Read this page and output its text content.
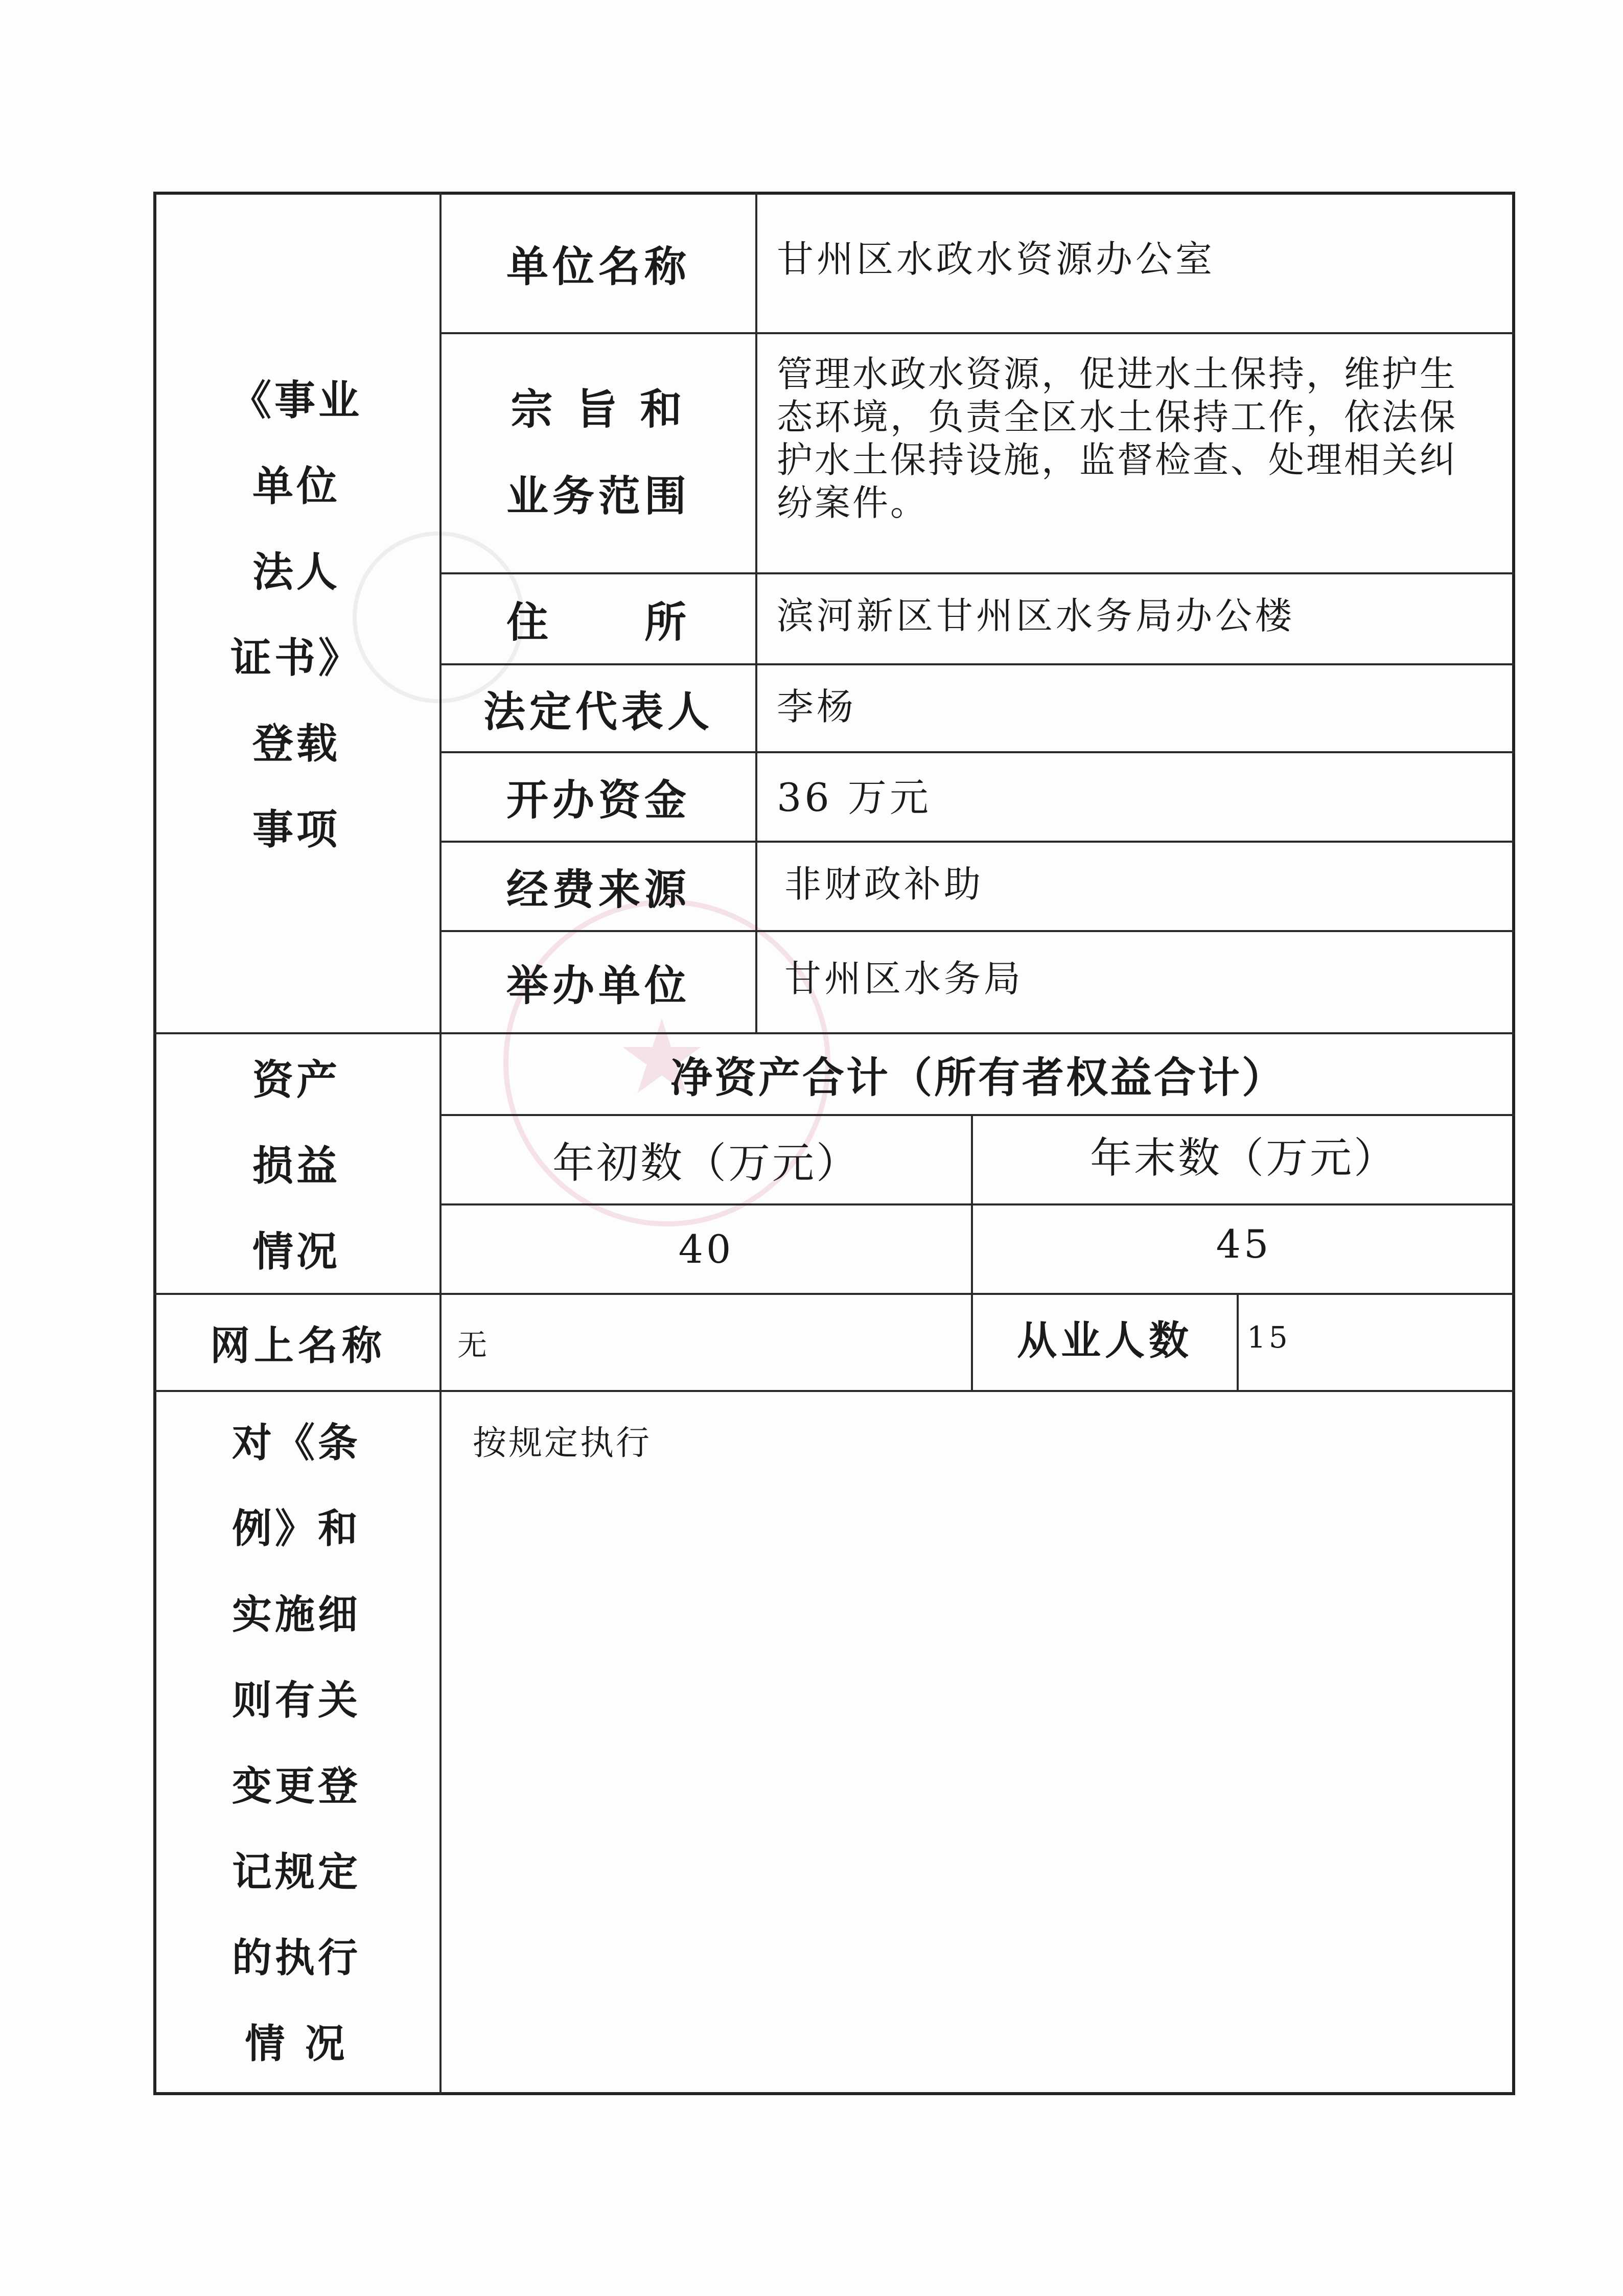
★
《事业
单位
法人
证书》
登载
事项
单位名称	甘州区水政水资源办公室
宗 旨 和
业务范围
管理水政水资源，促进水土保持，维护生
态环境，负责全区水土保持工作，依法保
护水土保持设施，监督检查、处理相关纠
纷案件。
住　　所	滨河新区甘州区水务局办公楼
法定代表人	李杨
开办资金	36 万元
经费来源	非财政补助
举办单位	甘州区水务局
资产
损益
情况
净资产合计（所有者权益合计）
年初数（万元）	年末数（万元）
40	45
网上名称	无	从业人数	15
对《条
例》和
实施细
则有关
变更登
记规定
的执行
情 况
按规定执行
